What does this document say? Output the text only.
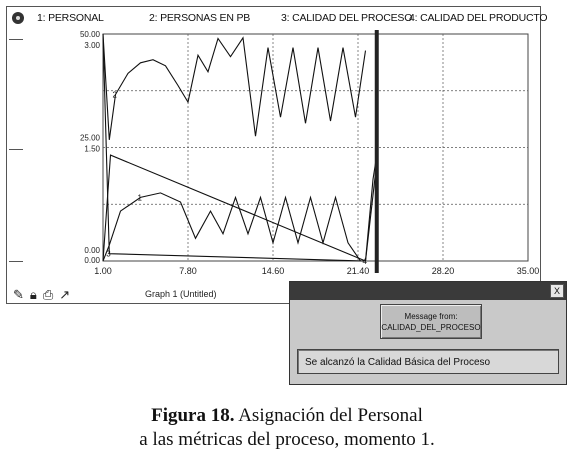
1: PERSONAL	2: PERSONAS EN PB	3: CALIDAD DEL PROCESO
4: CALIDAD DEL PRODUCTO
1.00	7.80	14.60	21.40	28.20	35.00
50.00
3.00
25.00
1.50
0.00
0.00
1
2
3
4
✎ 🔒︎ ⎙ ↗	Graph 1 (Untitled)	X
Message from:
CALIDAD_DEL_PROCESO
Se alcanzó la Calidad Básica del Proceso
Figura 18. Asignación del Personal
a las métricas del proceso, momento 1.
